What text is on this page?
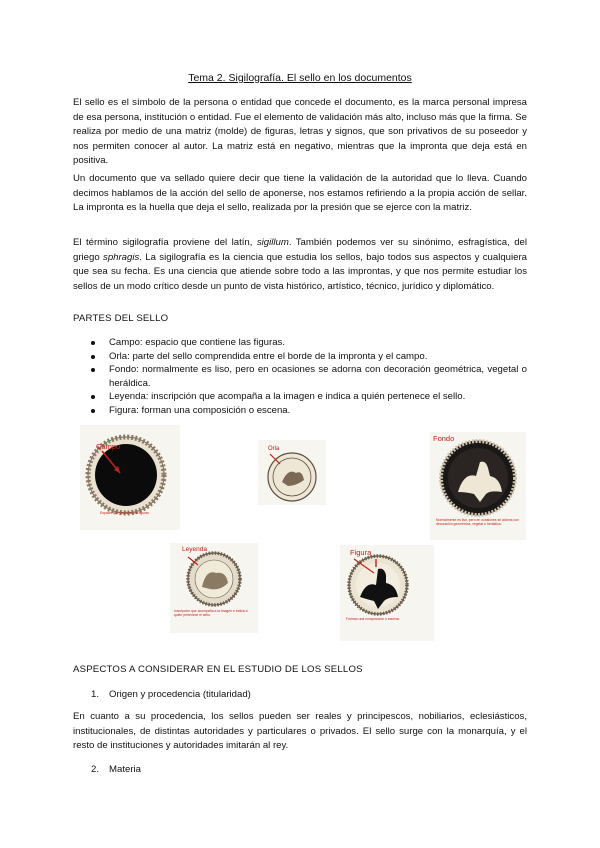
Tema 2. Sigilografía. El sello en los documentos

El sello es el símbolo de la persona o entidad que concede el documento, es la marca personal impresa de esa persona, institución o entidad. Fue el elemento de validación más alto, incluso más que la firma. Se realiza por medio de una matriz (molde) de figuras, letras y signos, que son privativos de su poseedor y nos permiten conocer al autor. La matriz está en negativo, mientras que la impronta que deja está en positiva.

Un documento que va sellado quiere decir que tiene la validación de la autoridad que lo lleva. Cuando decimos hablamos de la acción del sello de aponerse, nos estamos refiriendo a la propia acción de sellar. La impronta es la huella que deja el sello, realizada por la presión que se ejerce con la matriz.

El término sigilografía proviene del latín, sigillum. También podemos ver su sinónimo, esfragística, del griego sphragis. La sigilografía es la ciencia que estudia los sellos, bajo todos sus aspectos y cualquiera que sea su fecha. Es una ciencia que atiende sobre todo a las improntas, y que nos permite estudiar los sellos de un modo crítico desde un punto de vista histórico, artístico, técnico, jurídico y diplomático.

PARTES DEL SELLO

Campo: espacio que contiene las figuras.
Orla: parte del sello comprendida entre el borde de la impronta y el campo.
Fondo: normalmente es liso, pero en ocasiones se adorna con decoración geométrica, vegetal o heráldica.
Leyenda: inscripción que acompaña a la imagen e indica a quién pertenece el sello.
Figura: forman una composición o escena.
Campo
Espacio que contiene las figuras.
Orla
Fondo
Normalmente es liso, pero en ocasiones se adorna con decoración geométrica, vegetal o heráldica.
Leyenda
Inscripción que acompaña a la imagen e indica a quién pertenece el sello.
Figura
Forman una composición o escena.

ASPECTOS A CONSIDERAR EN EL ESTUDIO DE LOS SELLOS

1. Origen y procedencia (titularidad)

En cuanto a su procedencia, los sellos pueden ser reales y principescos, nobiliarios, eclesiásticos, institucionales, de distintas autoridades y particulares o privados. El sello surge con la monarquía, y el resto de instituciones y autoridades imitarán al rey.

2. Materia
